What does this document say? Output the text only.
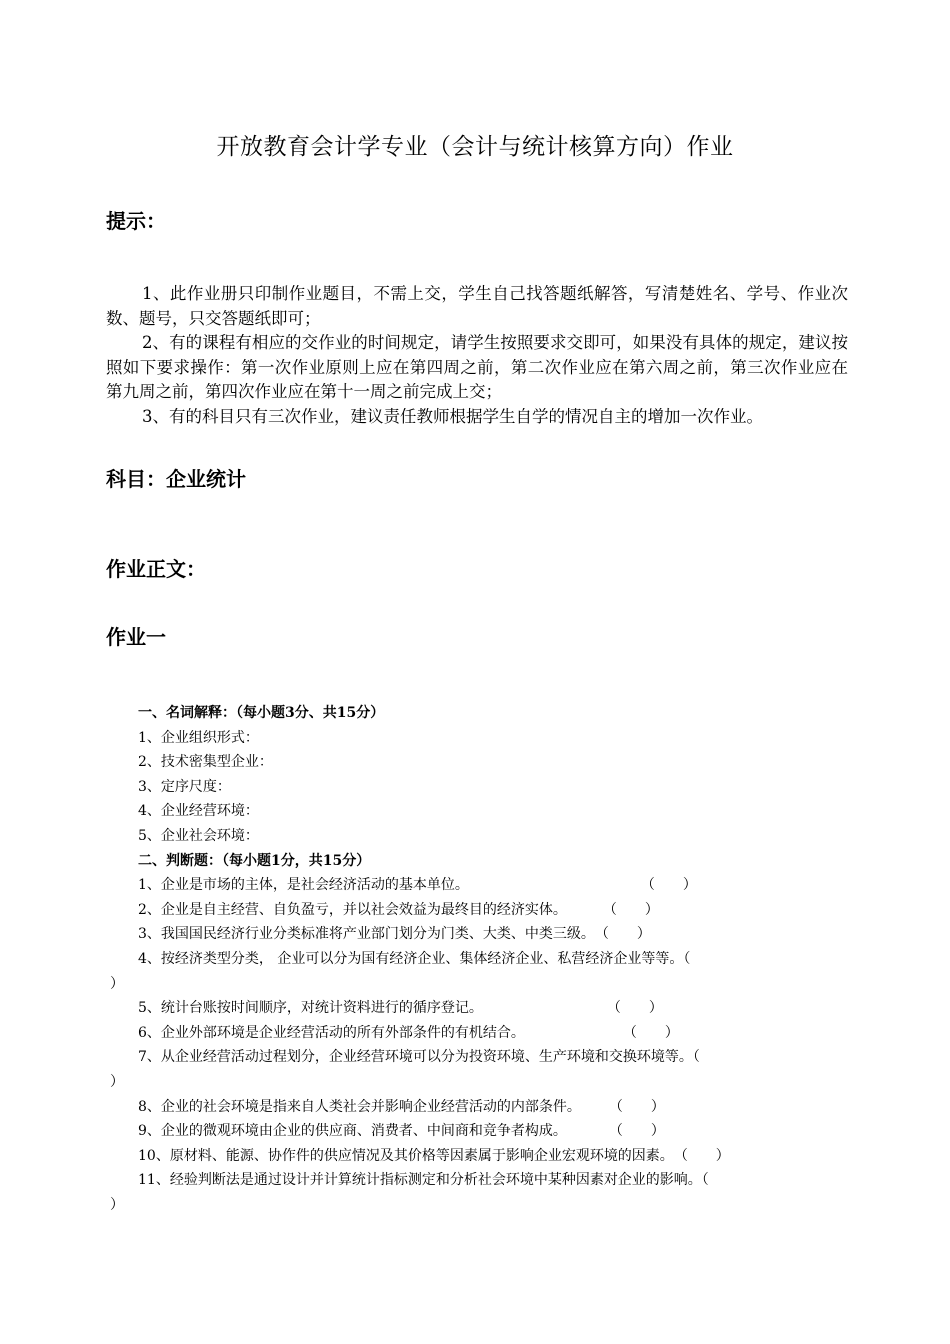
开放教育会计学专业（会计与统计核算方向）作业
提示：

1、此作业册只印制作业题目，不需上交，学生自己找答题纸解答，写清楚姓名、学号、作业次数、题号，只交答题纸即可；

2、有的课程有相应的交作业的时间规定，请学生按照要求交即可，如果没有具体的规定，建议按照如下要求操作：第一次作业原则上应在第四周之前，第二次作业应在第六周之前，第三次作业应在第九周之前，第四次作业应在第十一周之前完成上交；

3、有的科目只有三次作业，建议责任教师根据学生自学的情况自主的增加一次作业。

科目：企业统计
作业正文：
作业一
一、名词解释：（每小题3分、共15分）
1、企业组织形式：
2、技术密集型企业：
3、定序尺度：
4、企业经营环境：
5、企业社会环境：
二、判断题：（每小题1分，共15分）
1、企业是市场的主体，是社会经济活动的基本单位。	（　　）
2、企业是自主经营、自负盈亏，并以社会效益为最终目的经济实体。	（　　）
3、我国国民经济行业分类标准将产业部门划分为门类、大类、中类三级。（　　）
4、按经济类型分类， 企业可以分为国有经济企业、集体经济企业、私营经济企业等等。（
）
5、统计台账按时间顺序，对统计资料进行的循序登记。	（　　）
6、企业外部环境是企业经营活动的所有外部条件的有机结合。	（　　）
7、从企业经营活动过程划分，企业经营环境可以分为投资环境、生产环境和交换环境等。（
）
8、企业的社会环境是指来自人类社会并影响企业经营活动的内部条件。 （　　）
9、企业的微观环境由企业的供应商、消费者、中间商和竞争者构成。	（　　）
10、原材料、能源、协作件的供应情况及其价格等因素属于影响企业宏观环境的因素。（　　）
11、经验判断法是通过设计并计算统计指标测定和分析社会环境中某种因素对企业的影响。（
）
